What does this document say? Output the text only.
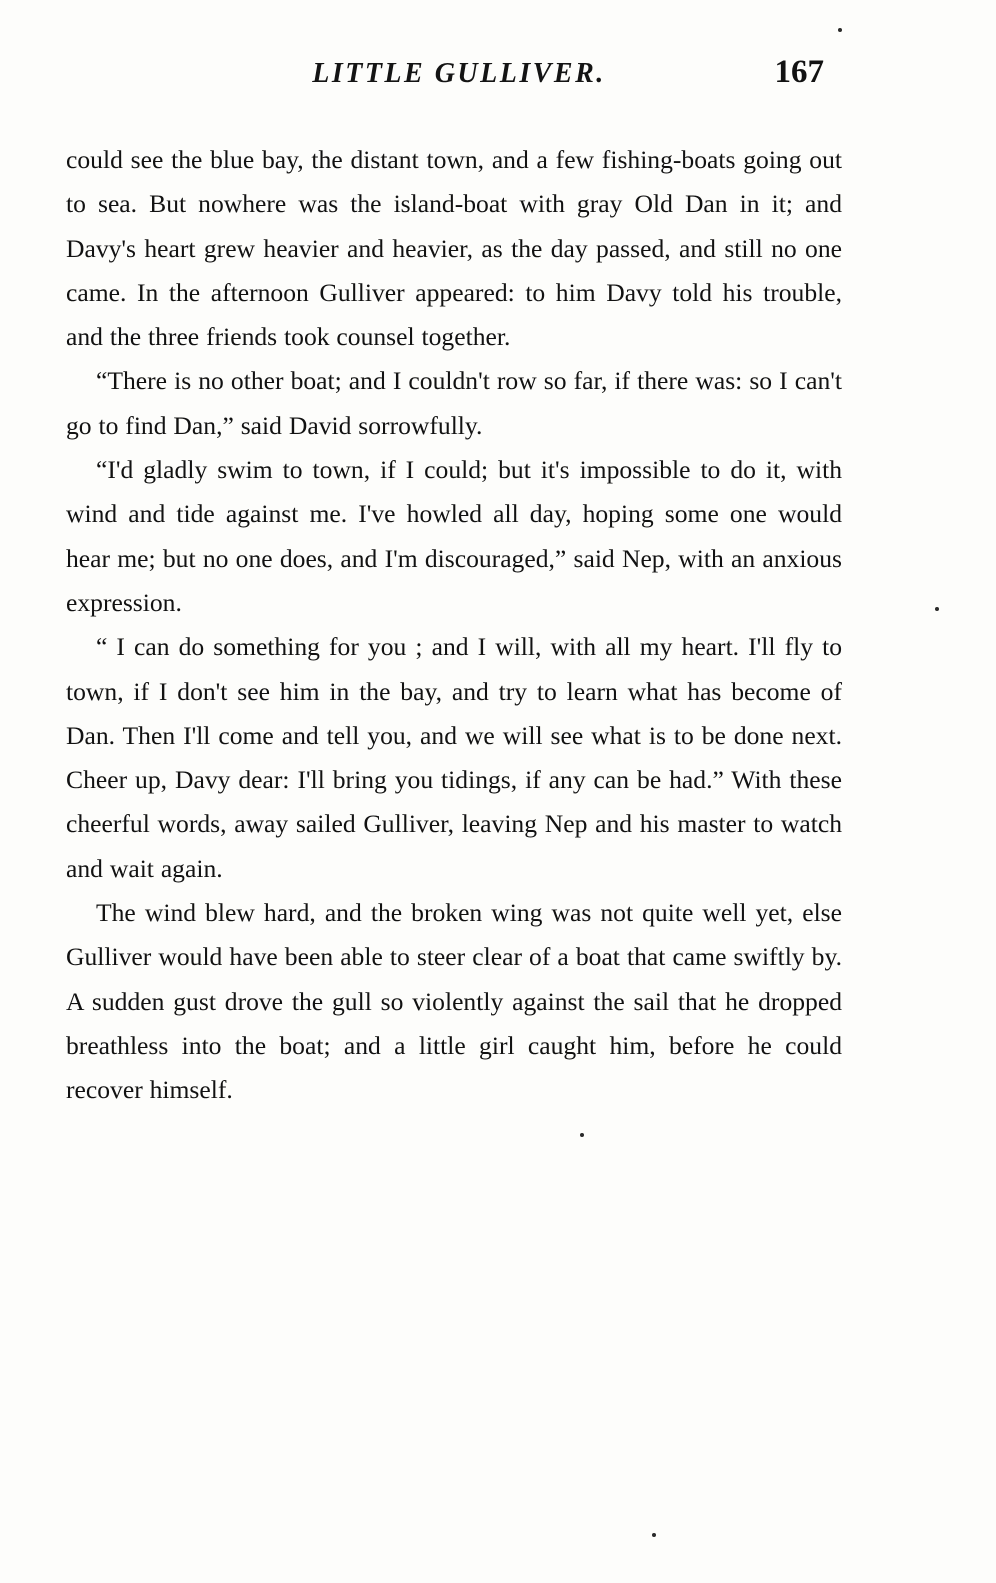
LITTLE GULLIVER.	167

could see the blue bay, the distant town, and a few fishing-boats going out to sea. But nowhere was the island-boat with gray Old Dan in it; and Davy's heart grew heavier and heavier, as the day passed, and still no one came. In the afternoon Gulliver appeared: to him Davy told his trouble, and the three friends took counsel together.

“There is no other boat; and I couldn't row so far, if there was: so I can't go to find Dan,” said David sorrowfully.

“I'd gladly swim to town, if I could; but it's impossible to do it, with wind and tide against me. I've howled all day, hoping some one would hear me; but no one does, and I'm discouraged,” said Nep, with an anxious expression.

“ I can do something for you ; and I will, with all my heart. I'll fly to town, if I don't see him in the bay, and try to learn what has become of Dan. Then I'll come and tell you, and we will see what is to be done next. Cheer up, Davy dear: I'll bring you tidings, if any can be had.” With these cheerful words, away sailed Gulliver, leaving Nep and his master to watch and wait again.

The wind blew hard, and the broken wing was not quite well yet, else Gulliver would have been able to steer clear of a boat that came swiftly by. A sudden gust drove the gull so violently against the sail that he dropped breathless into the boat; and a little girl caught him, before he could recover himself.
